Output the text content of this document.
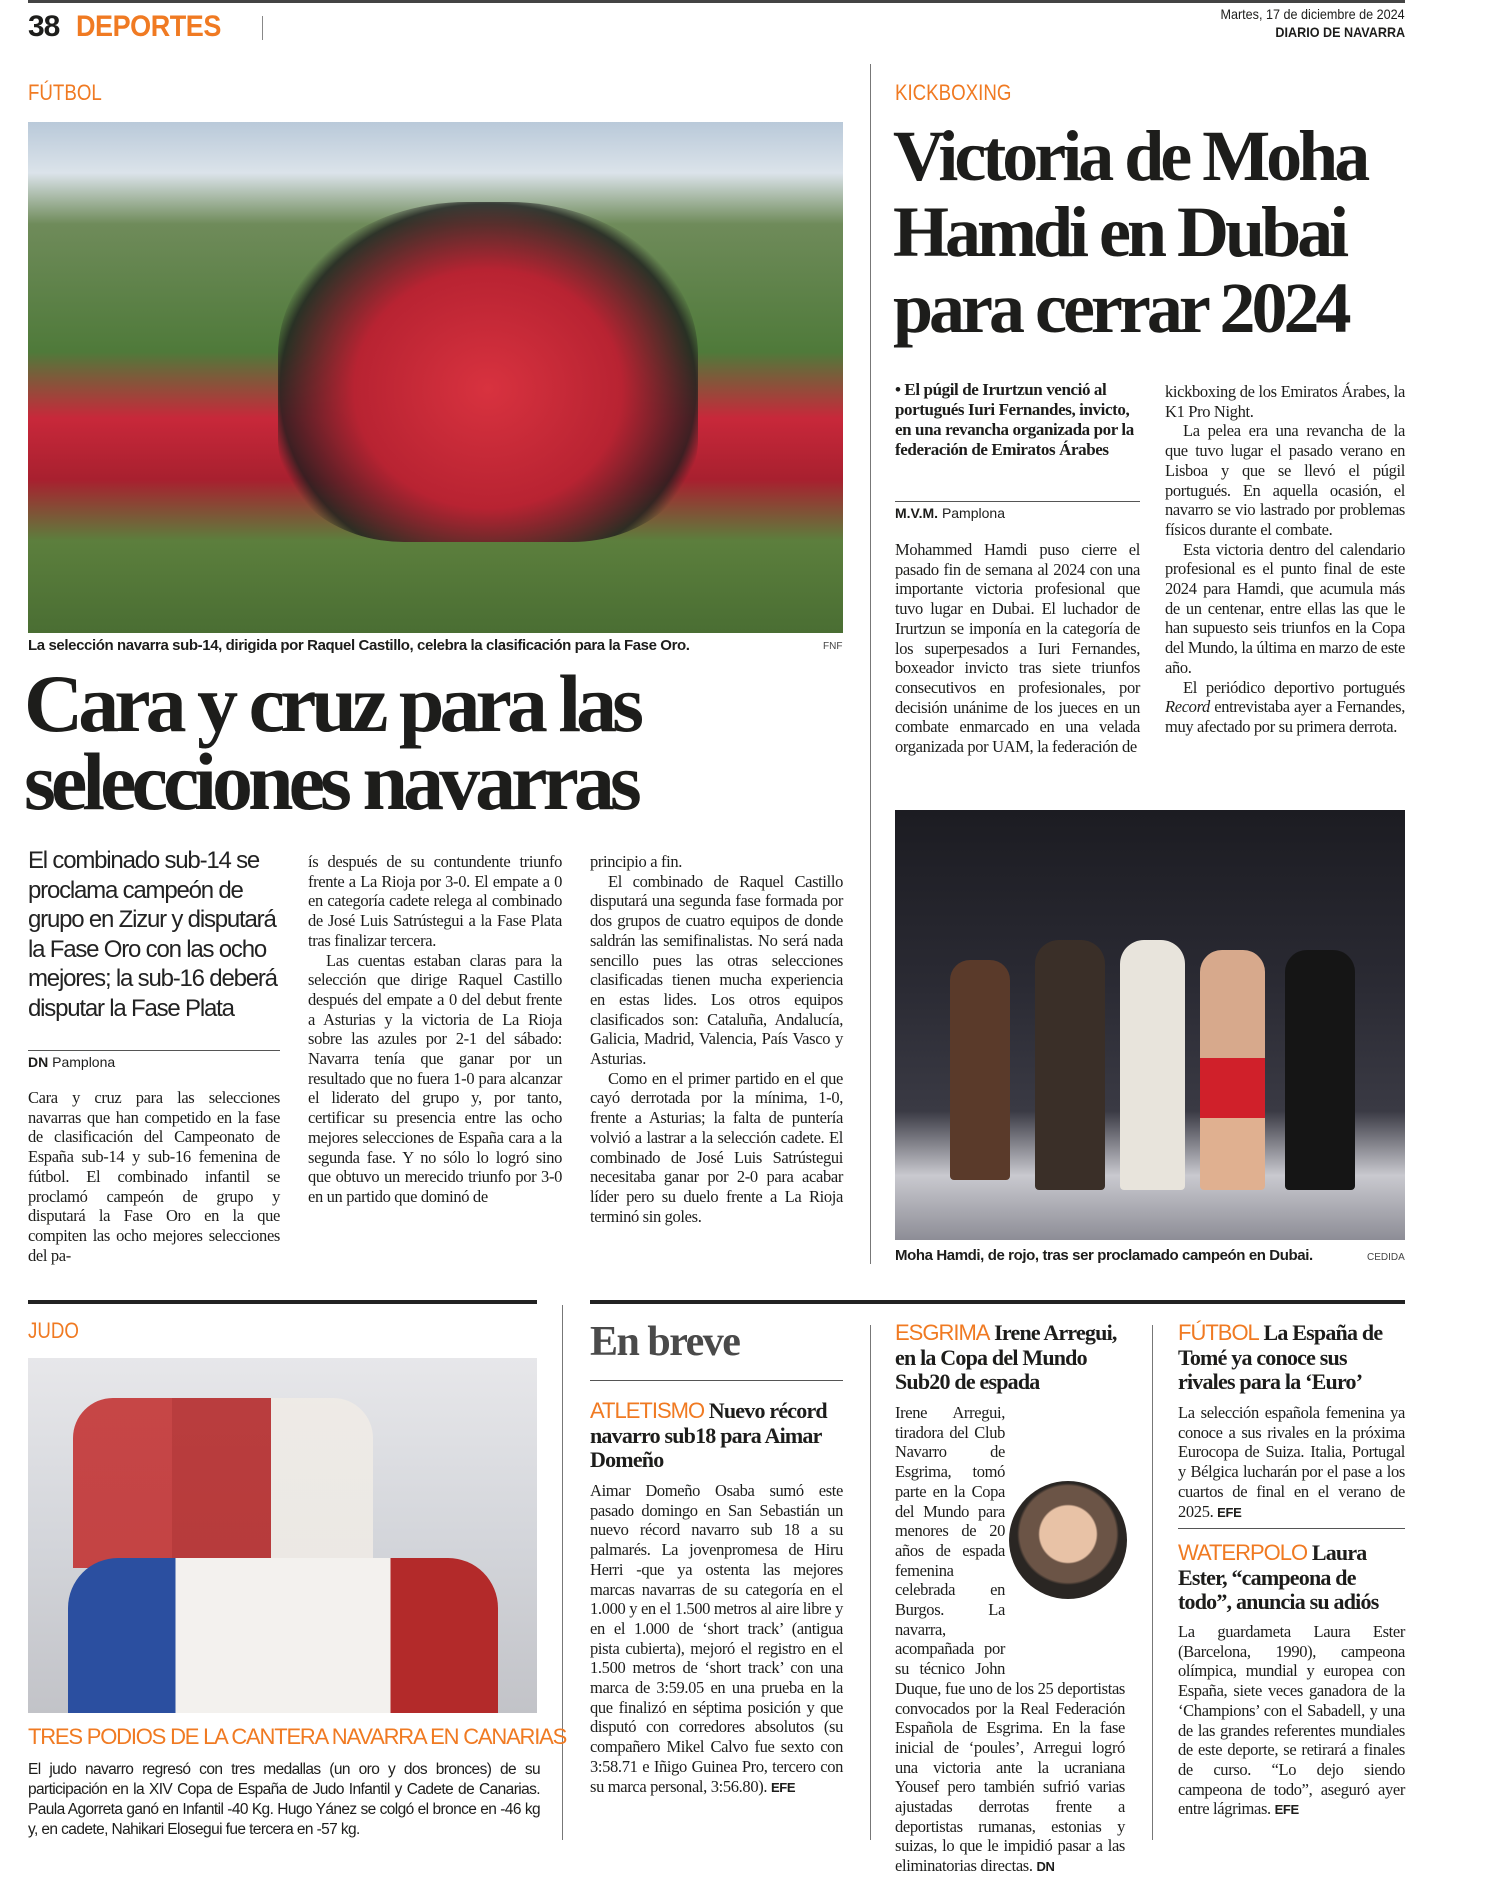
38 DEPORTES	Martes, 17 de diciembre de 2024
DIARIO DE NAVARRA
FÚTBOL
La selección navarra sub-14, dirigida por Raquel Castillo, celebra la clasificación para la Fase Oro.	FNF
Cara y cruz para las
selecciones navarras
El combinado sub-14 se proclama campeón de grupo en Zizur y disputará la Fase Oro con las ocho mejores; la sub-16 deberá disputar la Fase Plata
DN Pamplona

Cara y cruz para las selecciones navarras que han competido en la fase de clasificación del Campeonato de España sub-14 y sub-16 femenina de fútbol. El combinado infantil se proclamó campeón de grupo y disputará la Fase Oro en la que compiten las ocho mejores selecciones del pa-

ís después de su contundente triunfo frente a La Rioja por 3-0. El empate a 0 en categoría cadete relega al combinado de José Luis Satrústegui a la Fase Plata tras finalizar tercera.

Las cuentas estaban claras para la selección que dirige Raquel Castillo después del empate a 0 del debut frente a Asturias y la victoria de La Rioja sobre las azules por 2-1 del sábado: Navarra tenía que ganar por un resultado que no fuera 1-0 para alcanzar el liderato del grupo y, por tanto, certificar su presencia entre las ocho mejores selecciones de España cara a la segunda fase. Y no sólo lo logró sino que obtuvo un merecido triunfo por 3-0 en un partido que dominó de

principio a fin.

El combinado de Raquel Castillo disputará una segunda fase formada por dos grupos de cuatro equipos de donde saldrán las semifinalistas. No será nada sencillo pues las otras selecciones clasificadas tienen mucha experiencia en estas lides. Los otros equipos clasificados son: Cataluña, Andalucía, Galicia, Madrid, Valencia, País Vasco y Asturias.

Como en el primer partido en el que cayó derrotada por la mínima, 1-0, frente a Asturias; la falta de puntería volvió a lastrar a la selección cadete. El combinado de José Luis Satrústegui necesitaba ganar por 2-0 para acabar líder pero su duelo frente a La Rioja terminó sin goles.

KICKBOXING
Victoria de Moha
Hamdi en Dubai
para cerrar 2024
• El púgil de Irurtzun venció al portugués Iuri Fernandes, invicto, en una revancha organizada por la federación de Emiratos Árabes
M.V.M. Pamplona

Mohammed Hamdi puso cierre el pasado fin de semana al 2024 con una importante victoria profesional que tuvo lugar en Dubai. El luchador de Irurtzun se imponía en la categoría de los superpesados a Iuri Fernandes, boxeador invicto tras siete triunfos consecutivos en profesionales, por decisión unánime de los jueces en un combate enmarcado en una velada organizada por UAM, la federación de

kickboxing de los Emiratos Árabes, la K1 Pro Night.

La pelea era una revancha de la que tuvo lugar el pasado verano en Lisboa y que se llevó el púgil portugués. En aquella ocasión, el navarro se vio lastrado por problemas físicos durante el combate.

Esta victoria dentro del calendario profesional es el punto final de este 2024 para Hamdi, que acumula más de un centenar, entre ellas las que le han supuesto seis triunfos en la Copa del Mundo, la última en marzo de este año.

El periódico deportivo portugués Record entrevistaba ayer a Fernandes, muy afectado por su primera derrota.

Moha Hamdi, de rojo, tras ser proclamado campeón en Dubai.	CEDIDA
JUDO
TRES PODIOS DE LA CANTERA NAVARRA EN CANARIAS
El judo navarro regresó con tres medallas (un oro y dos bronces) de su participación en la XIV Copa de España de Judo Infantil y Cadete de Canarias. Paula Agorreta ganó en Infantil -40 Kg. Hugo Yánez se colgó el bronce en -46 kg y, en cadete, Nahikari Elosegui fue tercera en -57 kg.
En breve
ATLETISMO Nuevo récord navarro sub18 para Aimar Domeño
Aimar Domeño Osaba sumó este pasado domingo en San Sebastián un nuevo récord navarro sub 18 a su palmarés. La jovenpromesa de Hiru Herri -que ya ostenta las mejores marcas navarras de su categoría en el 1.000 y en el 1.500 metros al aire libre y en el 1.000 de ‘short track’ (antigua pista cubierta), mejoró el registro en el 1.500 metros de ‘short track’ con una marca de 3:59.05 en una prueba en la que finalizó en séptima posición y que disputó con corredores absolutos (su compañero Mikel Calvo fue sexto con 3:58.71 e Iñigo Guinea Pro, tercero con su marca personal, 3:56.80). EFE
ESGRIMA Irene Arregui, en la Copa del Mundo Sub20 de espada
Irene Arregui, tiradora del Club Navarro de Esgrima, tomó parte en la Copa del Mundo para menores de 20 años de espada femenina celebrada en Burgos. La navarra, acompañada por su técnico John Duque, fue uno de los 25 deportistas convocados por la Real Federación Española de Esgrima. En la fase inicial de ‘poules’, Arregui logró una victoria ante la ucraniana Yousef pero también sufrió varias ajustadas derrotas frente a deportistas rumanas, estonias y suizas, lo que le impidió pasar a las eliminatorias directas. DN
FÚTBOL La España de Tomé ya conoce sus rivales para la ‘Euro’
La selección española femenina ya conoce a sus rivales en la próxima Eurocopa de Suiza. Italia, Portugal y Bélgica lucharán por el pase a los cuartos de final en el verano de 2025. EFE
WATERPOLO Laura Ester, “campeona de todo”, anuncia su adiós
La guardameta Laura Ester (Barcelona, 1990), campeona olímpica, mundial y europea con España, siete veces ganadora de la ‘Champions’ con el Sabadell, y una de las grandes referentes mundiales de este deporte, se retirará a finales de curso. “Lo dejo siendo campeona de todo”, aseguró ayer entre lágrimas. EFE
